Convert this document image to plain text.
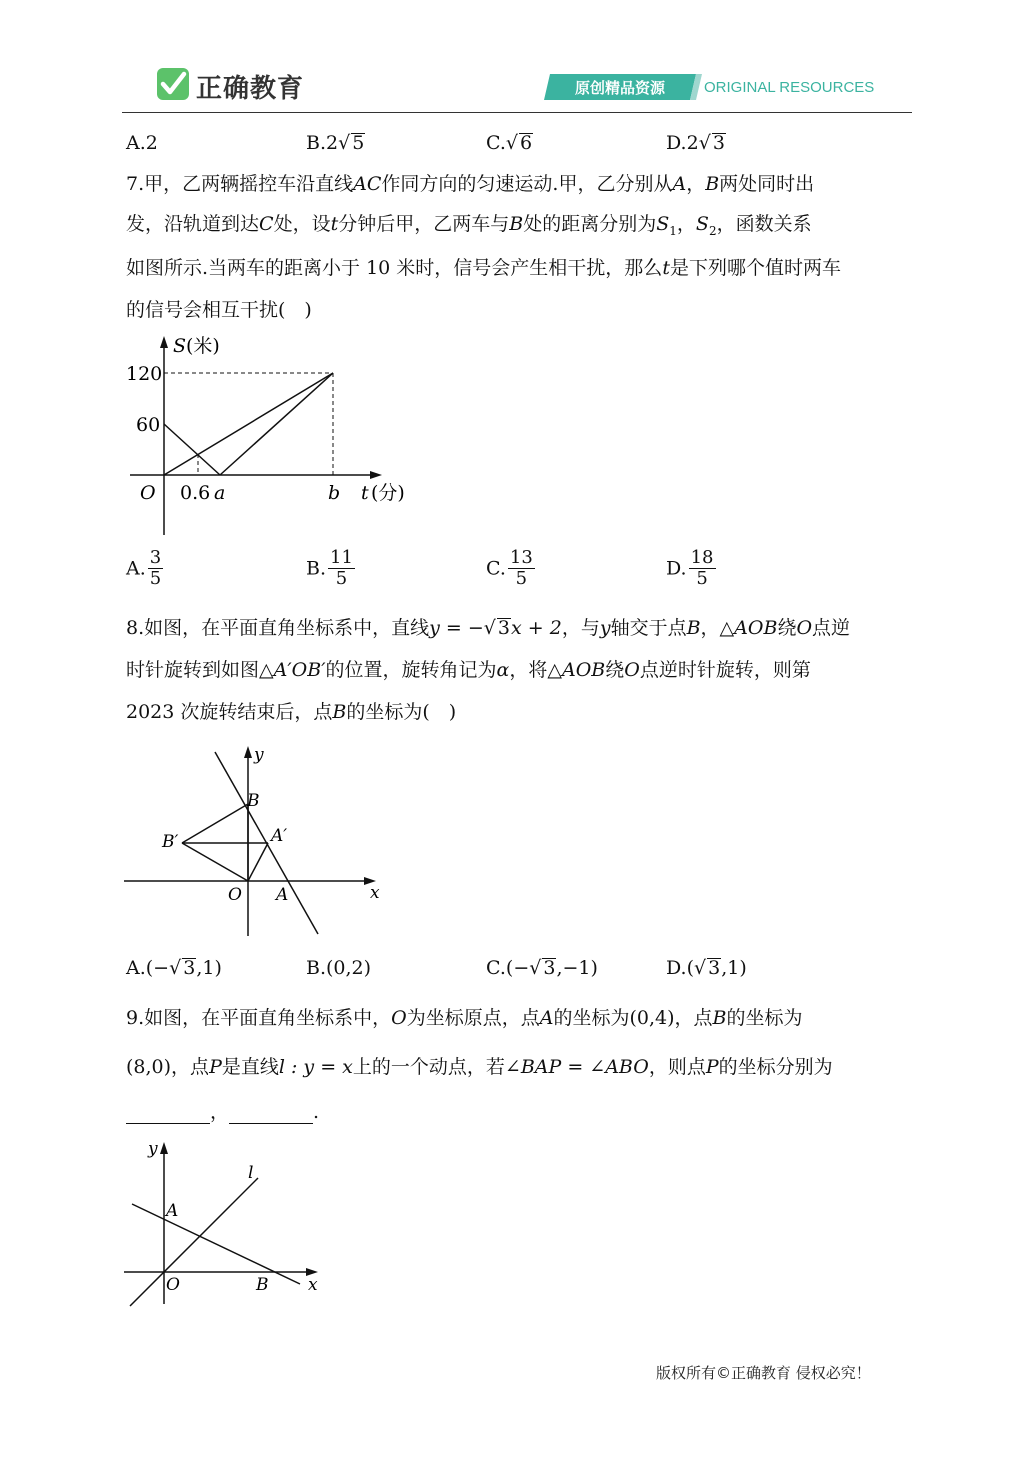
正确教育	原创精品资源	ORIGINAL RESOURCES
A.2	B.2√ 5	C.√ 6	D.2√ 3
7.甲，乙两辆摇控车沿直线AC作同方向的匀速运动.甲，乙分别从A，B两处同时出
发，沿轨道到达C处，设t分钟后甲，乙两车与B处的距离分别为$S_1$，$S_2$，函数关系
如图所示.当两车的距离小于 10 米时，信号会产生相干扰，那么t是下列哪个值时两车
的信号会相互干扰(　)
S (米)
120
60
O 0.6 a	b t (分)
A. $\frac{3}{5}$	B. $\frac{11}{5}$	C. $\frac{13}{5}$	D. $\frac{18}{5}$
8.如图，在平面直角坐标系中，直线y = −√ 3x + 2，与y轴交于点B，△AOB绕O点逆
时针旋转到如图△A′OB′的位置，旋转角记为α，将△AOB绕O点逆时针旋转，则第
2023 次旋转结束后，点B的坐标为(　)
y
B
B′	A′
O A	x
A.(−√ 3,1)	B.(0,2)	C.(−√ 3,−1)	D.(√ 3,1)
9.如图，在平面直角坐标系中，O为坐标原点，点A的坐标为(0,4)，点B的坐标为
(8,0)，点P是直线l : y = x上的一个动点，若∠BAP = ∠ABO，则点P的坐标分别为
，	.
y
l
A
O	B x
版权所有©正确教育 侵权必究！
